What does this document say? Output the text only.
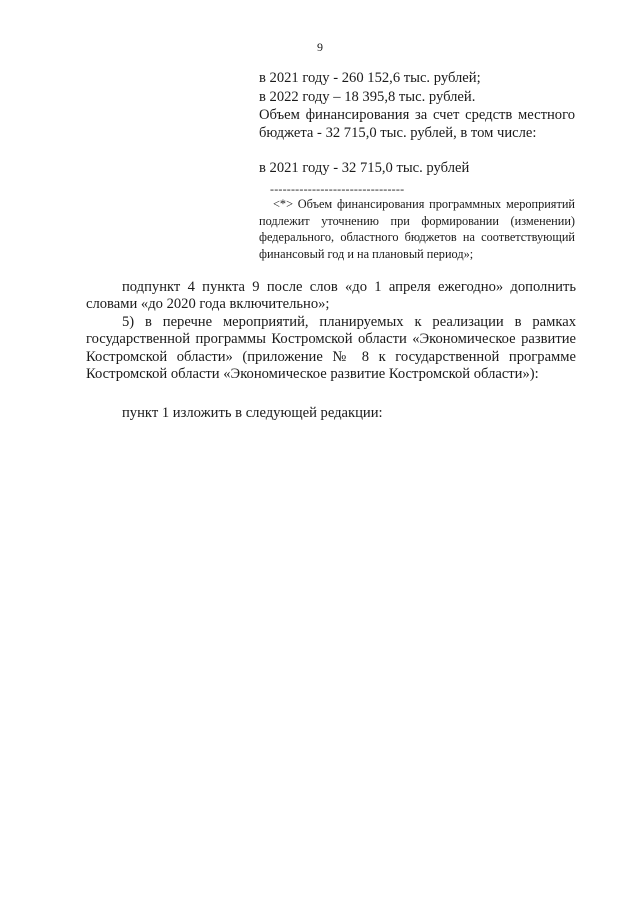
9
в 2021 году - 260 152,6 тыс. рублей;
в 2022 году – 18 395,8 тыс. рублей.

Объем финансирования за счет средств местного бюджета - 32 715,0 тыс. рублей, в том числе:

в 2021 году - 32 715,0 тыс. рублей
--------------------------------

<*> Объем финансирования программных мероприятий подлежит уточнению при формировании (изменении) федерального, областного бюджетов на соответствующий финансовый год и на плановый период»;

подпункт 4 пункта 9 после слов «до 1 апреля ежегодно» дополнить словами «до 2020 года включительно»;

5) в перечне мероприятий, планируемых к реализации в рамках государственной программы Костромской области «Экономическое развитие Костромской области» (приложение № 8 к государственной программе Костромской области «Экономическое развитие Костромской области»):

пункт 1 изложить в следующей редакции:
